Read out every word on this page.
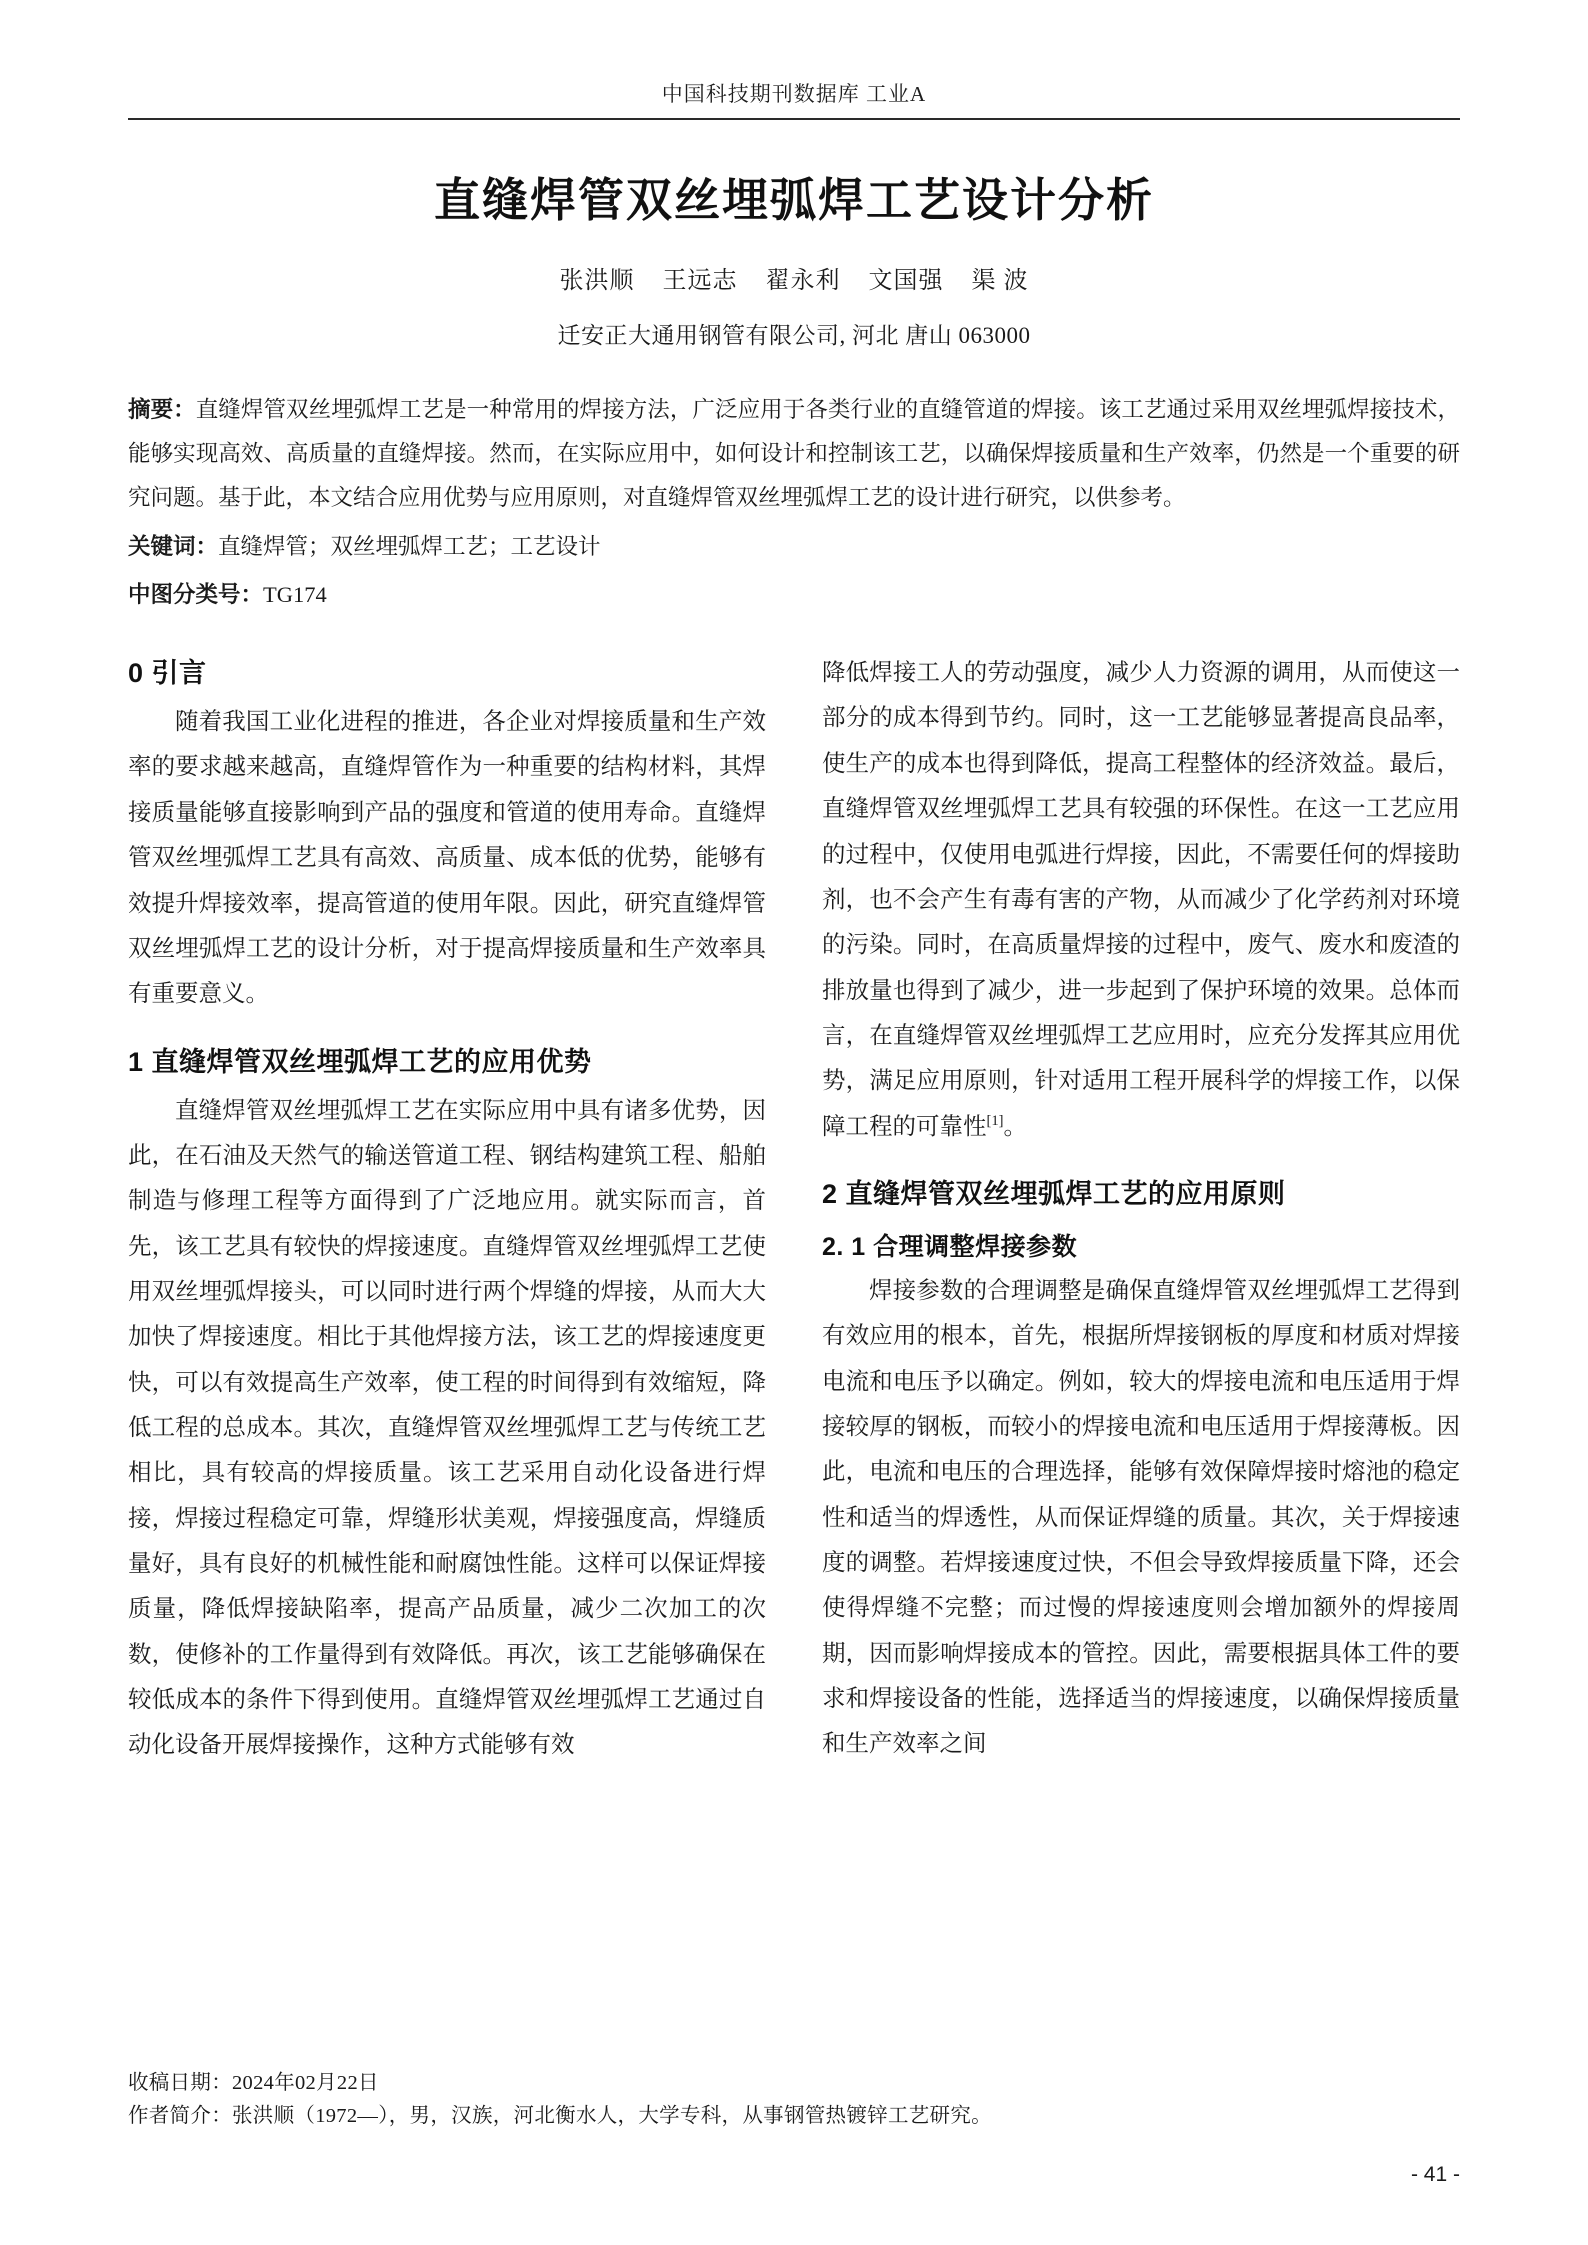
中国科技期刊数据库 工业A
直缝焊管双丝埋弧焊工艺设计分析
张洪顺 王远志 翟永利 文国强 渠 波
迁安正大通用钢管有限公司, 河北 唐山 063000
摘要：直缝焊管双丝埋弧焊工艺是一种常用的焊接方法，广泛应用于各类行业的直缝管道的焊接。该工艺通过采用双丝埋弧焊接技术，能够实现高效、高质量的直缝焊接。然而，在实际应用中，如何设计和控制该工艺，以确保焊接质量和生产效率，仍然是一个重要的研究问题。基于此，本文结合应用优势与应用原则，对直缝焊管双丝埋弧焊工艺的设计进行研究，以供参考。
关键词：直缝焊管；双丝埋弧焊工艺；工艺设计
中图分类号：TG174
0 引言

随着我国工业化进程的推进，各企业对焊接质量和生产效率的要求越来越高，直缝焊管作为一种重要的结构材料，其焊接质量能够直接影响到产品的强度和管道的使用寿命。直缝焊管双丝埋弧焊工艺具有高效、高质量、成本低的优势，能够有效提升焊接效率，提高管道的使用年限。因此，研究直缝焊管双丝埋弧焊工艺的设计分析，对于提高焊接质量和生产效率具有重要意义。

1 直缝焊管双丝埋弧焊工艺的应用优势

直缝焊管双丝埋弧焊工艺在实际应用中具有诸多优势，因此，在石油及天然气的输送管道工程、钢结构建筑工程、船舶制造与修理工程等方面得到了广泛地应用。就实际而言，首先，该工艺具有较快的焊接速度。直缝焊管双丝埋弧焊工艺使用双丝埋弧焊接头，可以同时进行两个焊缝的焊接，从而大大加快了焊接速度。相比于其他焊接方法，该工艺的焊接速度更快，可以有效提高生产效率，使工程的时间得到有效缩短，降低工程的总成本。其次，直缝焊管双丝埋弧焊工艺与传统工艺相比，具有较高的焊接质量。该工艺采用自动化设备进行焊接，焊接过程稳定可靠，焊缝形状美观，焊接强度高，焊缝质量好，具有良好的机械性能和耐腐蚀性能。这样可以保证焊接质量，降低焊接缺陷率，提高产品质量，减少二次加工的次数，使修补的工作量得到有效降低。再次，该工艺能够确保在较低成本的条件下得到使用。直缝焊管双丝埋弧焊工艺通过自动化设备开展焊接操作，这种方式能够有效

降低焊接工人的劳动强度，减少人力资源的调用，从而使这一部分的成本得到节约。同时，这一工艺能够显著提高良品率，使生产的成本也得到降低，提高工程整体的经济效益。最后，直缝焊管双丝埋弧焊工艺具有较强的环保性。在这一工艺应用的过程中，仅使用电弧进行焊接，因此，不需要任何的焊接助剂，也不会产生有毒有害的产物，从而减少了化学药剂对环境的污染。同时，在高质量焊接的过程中，废气、废水和废渣的排放量也得到了减少，进一步起到了保护环境的效果。总体而言，在直缝焊管双丝埋弧焊工艺应用时，应充分发挥其应用优势，满足应用原则，针对适用工程开展科学的焊接工作，以保障工程的可靠性[1]。

2 直缝焊管双丝埋弧焊工艺的应用原则
2. 1 合理调整焊接参数

焊接参数的合理调整是确保直缝焊管双丝埋弧焊工艺得到有效应用的根本，首先，根据所焊接钢板的厚度和材质对焊接电流和电压予以确定。例如，较大的焊接电流和电压适用于焊接较厚的钢板，而较小的焊接电流和电压适用于焊接薄板。因此，电流和电压的合理选择，能够有效保障焊接时熔池的稳定性和适当的焊透性，从而保证焊缝的质量。其次，关于焊接速度的调整。若焊接速度过快，不但会导致焊接质量下降，还会使得焊缝不完整；而过慢的焊接速度则会增加额外的焊接周期，因而影响焊接成本的管控。因此，需要根据具体工件的要求和焊接设备的性能，选择适当的焊接速度，以确保焊接质量和生产效率之间

收稿日期：2024年02月22日
作者简介：张洪顺（1972—），男，汉族，河北衡水人，大学专科，从事钢管热镀锌工艺研究。
- 41 -
